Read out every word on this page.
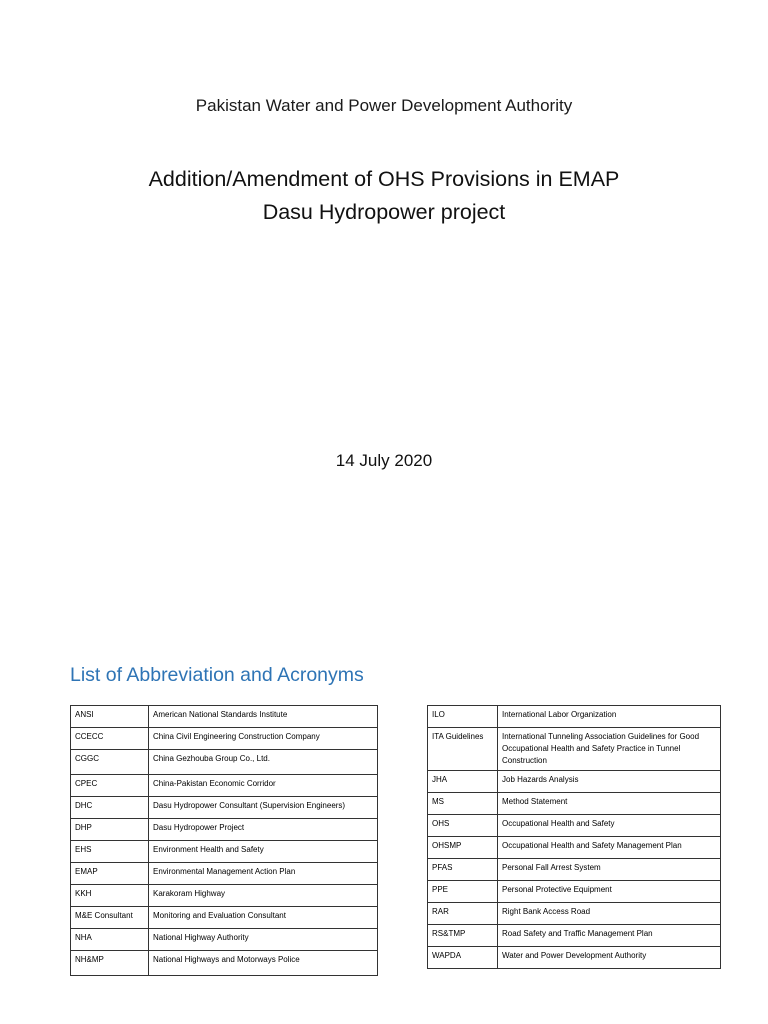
Pakistan Water and Power Development Authority
Addition/Amendment of OHS Provisions in EMAP
Dasu Hydropower project
14 July 2020
List of Abbreviation and Acronyms
ANSI	American National Standards Institute
CCECC	China Civil Engineering Construction Company
CGGC	China Gezhouba Group Co., Ltd.
CPEC	China-Pakistan Economic Corridor
DHC	Dasu Hydropower Consultant (Supervision Engineers)
DHP	Dasu Hydropower Project
EHS	Environment Health and Safety
EMAP	Environmental Management Action Plan
KKH	Karakoram Highway
M&E Consultant	Monitoring and Evaluation Consultant
NHA	National Highway Authority
NH&MP	National Highways and Motorways Police
ILO	International Labor Organization
ITA Guidelines	International Tunneling Association Guidelines for Good Occupational Health and Safety Practice in Tunnel Construction
JHA	Job Hazards Analysis
MS	Method Statement
OHS	Occupational Health and Safety
OHSMP	Occupational Health and Safety Management Plan
PFAS	Personal Fall Arrest System
PPE	Personal Protective Equipment
RAR	Right Bank Access Road
RS&TMP	Road Safety and Traffic Management Plan
WAPDA	Water and Power Development Authority
